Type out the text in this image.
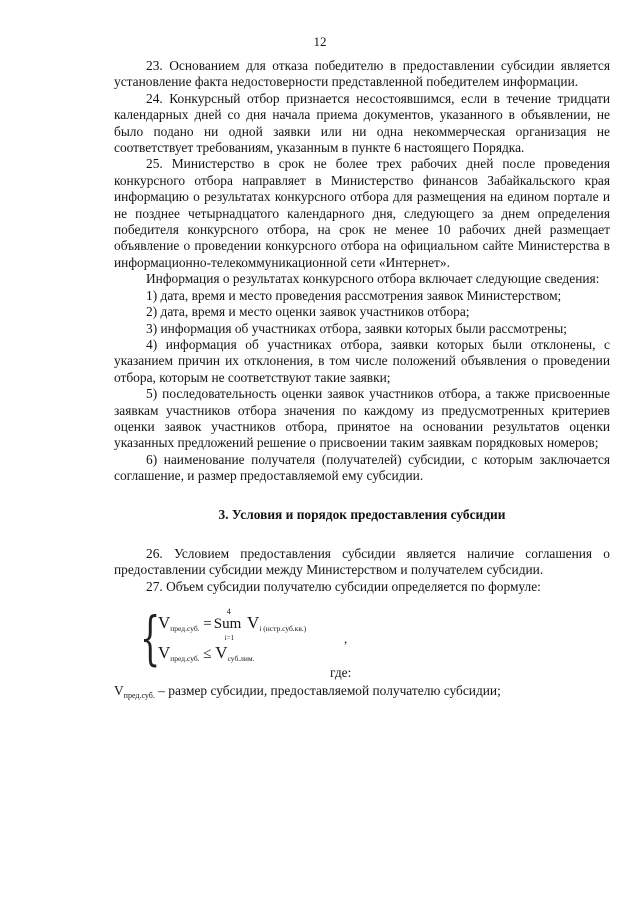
12

23. Основанием для отказа победителю в предоставлении субсидии является установление факта недостоверности представленной победителем информации.

24. Конкурсный отбор признается несостоявшимся, если в течение тридцати календарных дней со дня начала приема документов, указанного в объявлении, не было подано ни одной заявки или ни одна некоммерческая организация не соответствует требованиям, указанным в пункте 6 настоящего Порядка.

25. Министерство в срок не более трех рабочих дней после проведения конкурсного отбора направляет в Министерство финансов Забайкальского края информацию о результатах конкурсного отбора для размещения на едином портале и не позднее четырнадцатого календарного дня, следующего за днем определения победителя конкурсного отбора, на срок не менее 10 рабочих дней размещает объявление о проведении конкурсного отбора на официальном сайте Министерства в информационно-телекоммуникационной сети «Интернет».

Информация о результатах конкурсного отбора включает следующие сведения:

1) дата, время и место проведения рассмотрения заявок Министерством;

2) дата, время и место оценки заявок участников отбора;

3) информация об участниках отбора, заявки которых были рассмотрены;

4) информация об участниках отбора, заявки которых были отклонены, с указанием причин их отклонения, в том числе положений объявления о проведении отбора, которым не соответствуют такие заявки;

5) последовательность оценки заявок участников отбора, а также присвоенные заявкам участников отбора значения по каждому из предусмотренных критериев оценки заявок участников отбора, принятое на основании результатов оценки указанных предложений решение о присвоении таким заявкам порядковых номеров;

6) наименование получателя (получателей) субсидии, с которым заключается соглашение, и размер предоставляемой ему субсидии.

3. Условия и порядок предоставления субсидии

26. Условием предоставления субсидии является наличие соглашения о предоставлении субсидии между Министерством и получателем субсидии.

27. Объем субсидии получателю субсидии определяется по формуле:

{
$V_{пред.суб.}$ =
4
Sum
i=1
$V_{i (нстр.суб.кв.)}$
,
$V_{пред.суб.} \le V_{суб.лим.}$
где:

$V_{пред.суб.}$ – размер субсидии, предоставляемой получателю субсидии;
